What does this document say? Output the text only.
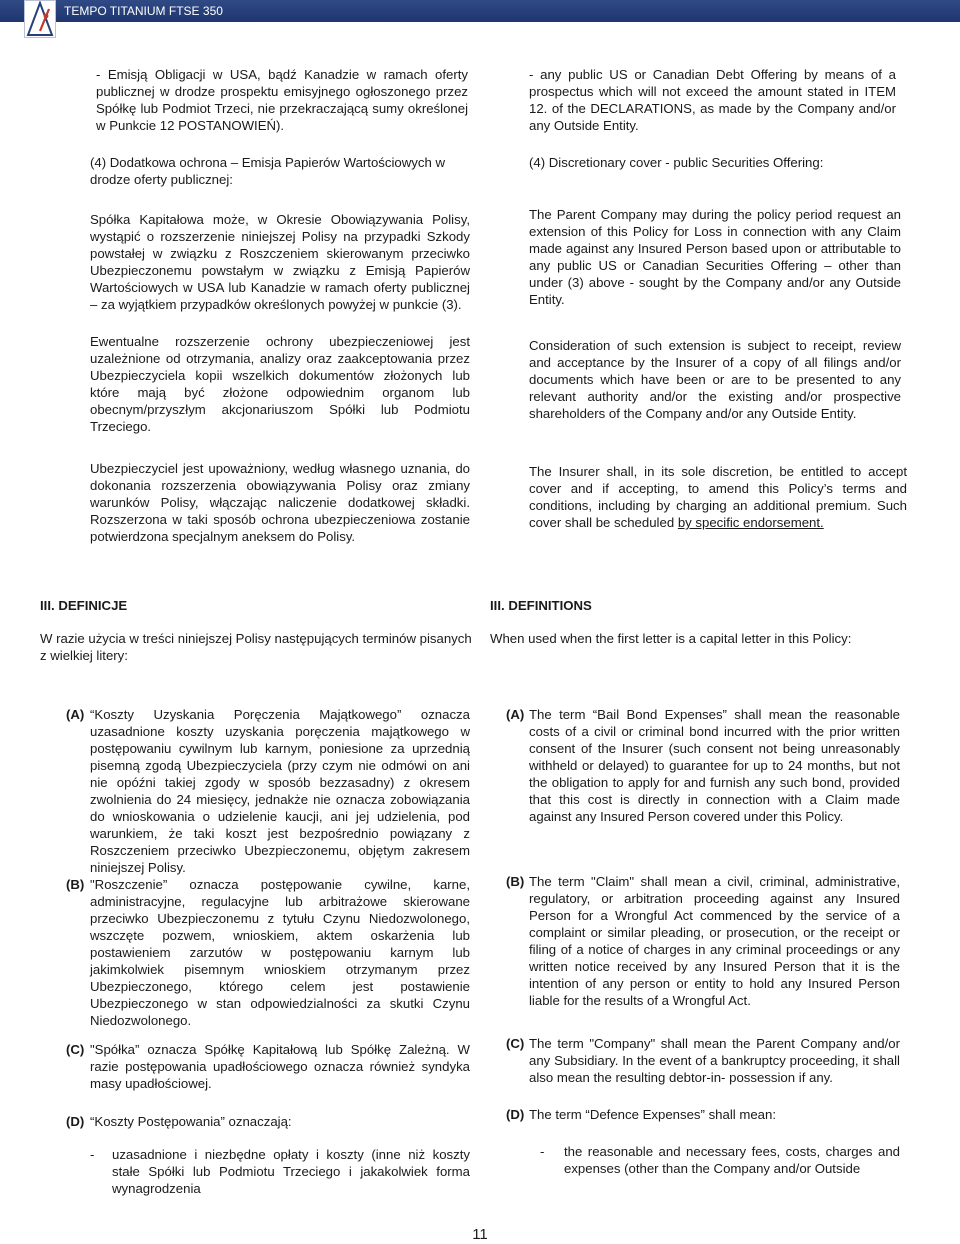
TEMPO TITANIUM FTSE 350

- Emisją Obligacji w USA, bądź Kanadzie w ramach oferty publicznej w drodze prospektu emisyjnego ogłoszonego przez Spółkę lub Podmiot Trzeci, nie przekraczającą sumy określonej w Punkcie 12 POSTANOWIEŃ).

(4) Dodatkowa ochrona – Emisja Papierów Wartościowych w drodze oferty publicznej:

Spółka Kapitałowa może, w Okresie Obowiązywania Polisy, wystąpić o rozszerzenie niniejszej Polisy na przypadki Szkody powstałej w związku z Roszczeniem skierowanym przeciwko Ubezpieczonemu powstałym w związku z Emisją Papierów Wartościowych w USA lub Kanadzie w ramach oferty publicznej – za wyjątkiem przypadków określonych powyżej w punkcie (3).

Ewentualne rozszerzenie ochrony ubezpieczeniowej jest uzależnione od otrzymania, analizy oraz zaakceptowania przez Ubezpieczyciela kopii wszelkich dokumentów złożonych lub które mają być złożone odpowiednim organom lub obecnym/przyszłym akcjonariuszom Spółki lub Podmiotu Trzeciego.

Ubezpieczyciel jest upoważniony, według własnego uznania, do dokonania rozszerzenia obowiązywania Polisy oraz zmiany warunków Polisy, włączając naliczenie dodatkowej składki. Rozszerzona w taki sposób ochrona ubezpieczeniowa zostanie potwierdzona specjalnym aneksem do Polisy.

III. DEFINICJE

W razie użycia w treści niniejszej Polisy następujących terminów pisanych z wielkiej litery:

(A) “Koszty Uzyskania Poręczenia Majątkowego” oznacza uzasadnione koszty uzyskania poręczenia majątkowego w postępowaniu cywilnym lub karnym, poniesione za uprzednią pisemną zgodą Ubezpieczyciela (przy czym nie odmówi on ani nie opóźni takiej zgody w sposób bezzasadny) z okresem zwolnienia do 24 miesięcy, jednakże nie oznacza zobowiązania do wnioskowania o udzielenie kaucji, ani jej udzielenia, pod warunkiem, że taki koszt jest bezpośrednio powiązany z Roszczeniem przeciwko Ubezpieczonemu, objętym zakresem niniejszej Polisy.

(B) "Roszczenie” oznacza postępowanie cywilne, karne, administracyjne, regulacyjne lub arbitrażowe skierowane przeciwko Ubezpieczonemu z tytułu Czynu Niedozwolonego, wszczęte pozwem, wnioskiem, aktem oskarżenia lub postawieniem zarzutów w postępowaniu karnym lub jakimkolwiek pisemnym wnioskiem otrzymanym przez Ubezpieczonego, którego celem jest postawienie Ubezpieczonego w stan odpowiedzialności za skutki Czynu Niedozwolonego.

(C) "Spółka” oznacza Spółkę Kapitałową lub Spółkę Zależną. W razie postępowania upadłościowego oznacza również syndyka masy upadłościowej.

(D) “Koszty Postępowania” oznaczają:

- uzasadnione i niezbędne opłaty i koszty (inne niż koszty stałe Spółki lub Podmiotu Trzeciego i jakakolwiek forma wynagrodzenia

- any public US or Canadian Debt Offering by means of a prospectus which will not exceed the amount stated in ITEM 12. of the DECLARATIONS, as made by the Company and/or any Outside Entity.

(4) Discretionary cover - public Securities Offering:

The Parent Company may during the policy period request an extension of this Policy for Loss in connection with any Claim made against any Insured Person based upon or attributable to any public US or Canadian Securities Offering – other than under (3) above - sought by the Company and/or any Outside Entity.

Consideration of such extension is subject to receipt, review and acceptance by the Insurer of a copy of all filings and/or documents which have been or are to be presented to any relevant authority and/or the existing and/or prospective shareholders of the Company and/or any Outside Entity.

The Insurer shall, in its sole discretion, be entitled to accept cover and if accepting, to amend this Policy’s terms and conditions, including by charging an additional premium. Such cover shall be scheduled by specific endorsement.

III. DEFINITIONS

When used when the first letter is a capital letter in this Policy:

(A) The term “Bail Bond Expenses” shall mean the reasonable costs of a civil or criminal bond incurred with the prior written consent of the Insurer (such consent not being unreasonably withheld or delayed) to guarantee for up to 24 months, but not the obligation to apply for and furnish any such bond, provided that this cost is directly in connection with a Claim made against any Insured Person covered under this Policy.

(B) The term "Claim" shall mean a civil, criminal, administrative, regulatory, or arbitration proceeding against any Insured Person for a Wrongful Act commenced by the service of a complaint or similar pleading, or prosecution, or the receipt or filing of a notice of charges in any criminal proceedings or any written notice received by any Insured Person that it is the intention of any person or entity to hold any Insured Person liable for the results of a Wrongful Act.

(C) The term "Company" shall mean the Parent Company and/or any Subsidiary. In the event of a bankruptcy proceeding, it shall also mean the resulting debtor-in- possession if any.

(D) The term “Defence Expenses” shall mean:

- the reasonable and necessary fees, costs, charges and expenses (other than the Company and/or Outside

11
